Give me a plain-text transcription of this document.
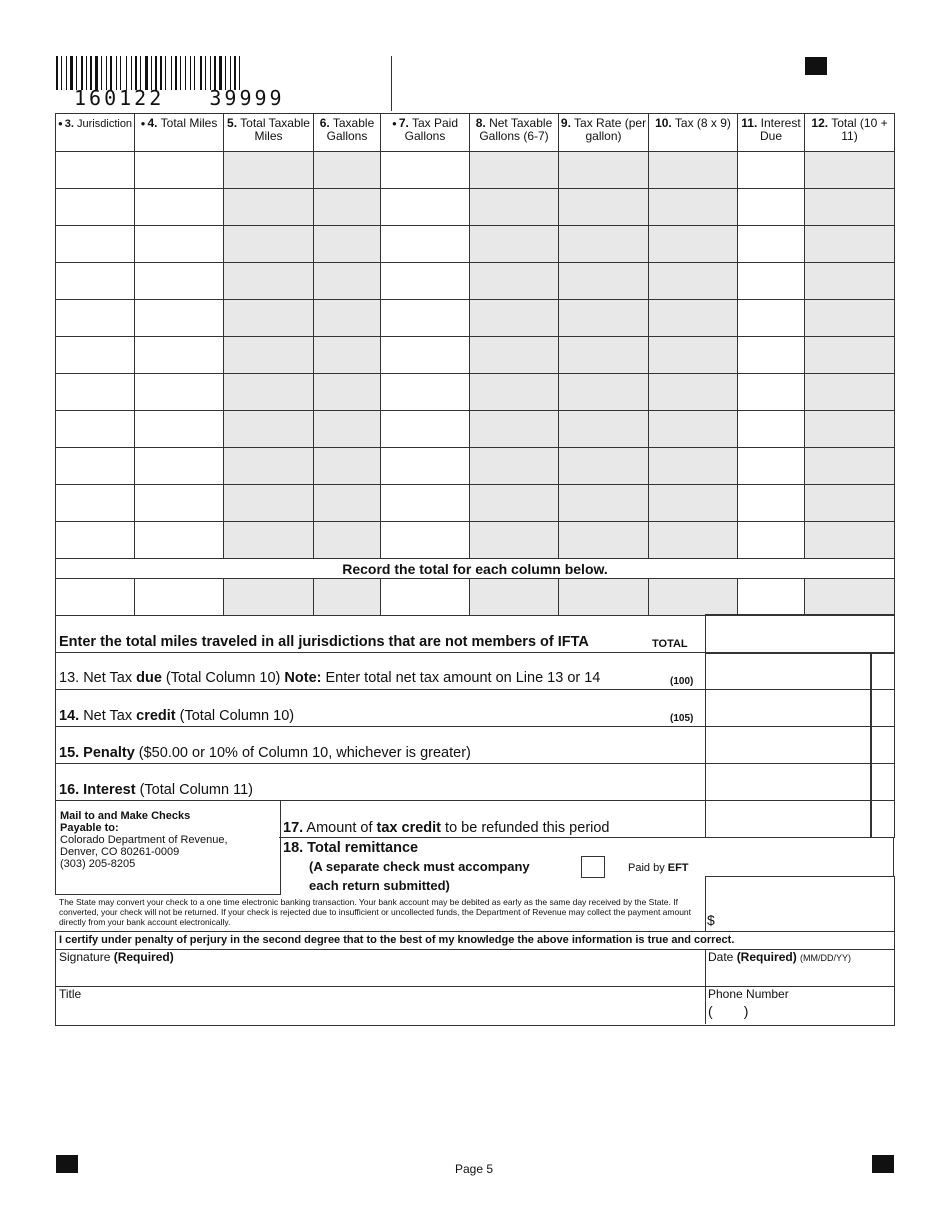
160122   39999
● 3. Jurisdiction	● 4. Total Miles	5. Total Taxable Miles	6. Taxable Gallons	● 7. Tax Paid Gallons	8. Net Taxable Gallons (6-7)	9. Tax Rate (per gallon)	10. Tax (8 x 9)	11. Interest Due	12. Total (10 + 11)

Record the total for each column below.									

Enter the total miles traveled in all jurisdictions that are not members of IFTA	TOTAL
13. Net Tax due (Total Column 10) Note: Enter total net tax amount on Line 13 or 14	(100)
14. Net Tax credit (Total Column 10)	(105)
15. Penalty ($50.00 or 10% of Column 10, whichever is greater)
16. Interest (Total Column 11)
Mail to and Make Checks
Payable to:
Colorado Department of Revenue,
Denver, CO 80261-0009
(303) 205-8205
17. Amount of tax credit to be refunded this period
18. Total remittance
(A separate check must accompany
each return submitted)
Paid by EFT
$
The State may convert your check to a one time electronic banking transaction. Your bank account may be debited as early as the same day received by the State. If converted, your check will not be returned. If your check is rejected due to insufficient or uncollected funds, the Department of Revenue may collect the payment amount directly from your bank account electronically.
I certify under penalty of perjury in the second degree that to the best of my knowledge the above information is true and correct.
Signature (Required)	Date (Required) (MM/DD/YY)
Title	Phone Number
(        )
Page 5
